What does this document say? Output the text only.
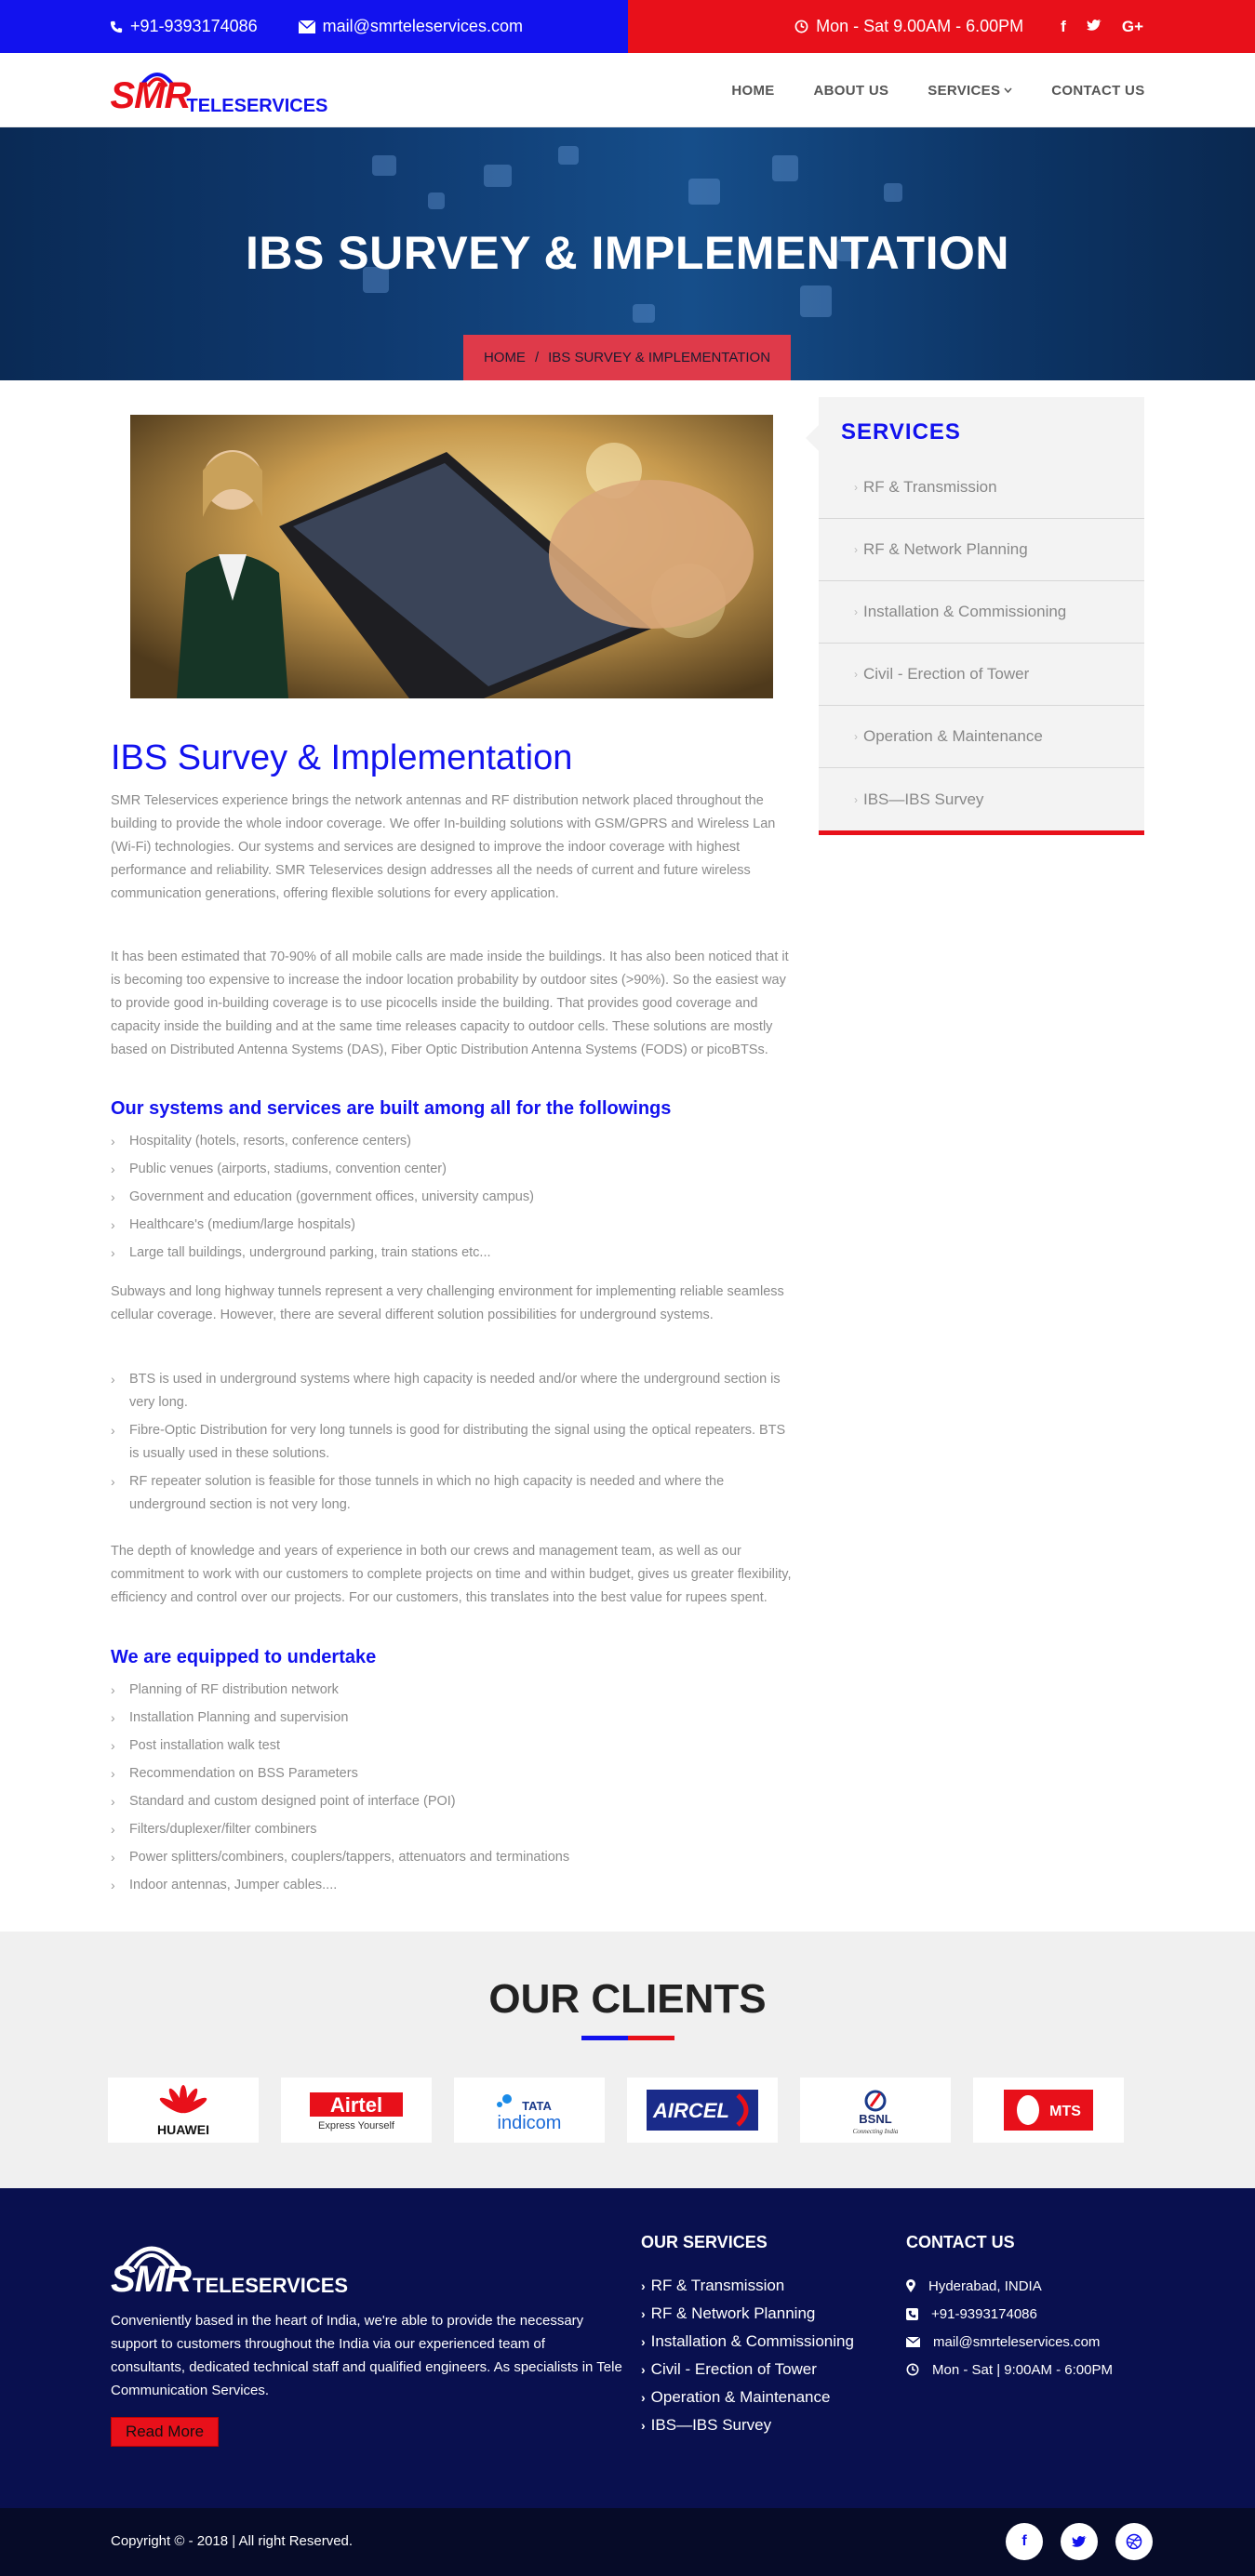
+91-9393174086	mail@smrteleservices.com	Mon - Sat 9.00AM - 6.00PM f	G+
SMR
TELESERVICES
HOME	ABOUT US	SERVICES	CONTACT US
IBS SURVEY & IMPLEMENTATION
HOME / IBS SURVEY & IMPLEMENTATION
IBS Survey & Implementation

SMR Teleservices experience brings the network antennas and RF distribution network placed throughout the building to provide the whole indoor coverage. We offer In-building solutions with GSM/GPRS and Wireless Lan (Wi-Fi) technologies. Our systems and services are designed to improve the indoor coverage with highest performance and reliability. SMR Teleservices design addresses all the needs of current and future wireless communication generations, offering flexible solutions for every application.

It has been estimated that 70-90% of all mobile calls are made inside the buildings. It has also been noticed that it is becoming too expensive to increase the indoor location probability by outdoor sites (>90%). So the easiest way to provide good in-building coverage is to use picocells inside the building. That provides good coverage and capacity inside the building and at the same time releases capacity to outdoor cells. These solutions are mostly based on Distributed Antenna Systems (DAS), Fiber Optic Distribution Antenna Systems (FODS) or picoBTSs.

Our systems and services are built among all for the followings
›	Hospitality (hotels, resorts, conference centers)
›	Public venues (airports, stadiums, convention center)
›	Government and education (government offices, university campus)
›	Healthcare's (medium/large hospitals)
›	Large tall buildings, underground parking, train stations etc...

Subways and long highway tunnels represent a very challenging environment for implementing reliable seamless cellular coverage. However, there are several different solution possibilities for underground systems.

›	BTS is used in underground systems where high capacity is needed and/or where the underground section is very long.
›	Fibre-Optic Distribution for very long tunnels is good for distributing the signal using the optical repeaters. BTS is usually used in these solutions.
›	RF repeater solution is feasible for those tunnels in which no high capacity is needed and where the underground section is not very long.

The depth of knowledge and years of experience in both our crews and management team, as well as our commitment to work with our customers to complete projects on time and within budget, gives us greater flexibility, efficiency and control over our projects. For our customers, this translates into the best value for rupees spent.

We are equipped to undertake
›	Planning of RF distribution network
›	Installation Planning and supervision
›	Post installation walk test
›	Recommendation on BSS Parameters
›	Standard and custom designed point of interface (POI)
›	Filters/duplexer/filter combiners
›	Power splitters/combiners, couplers/tappers, attenuators and terminations
›	Indoor antennas, Jumper cables....
SERVICES
› RF & Transmission
› RF & Network Planning
› Installation & Commissioning
› Civil - Erection of Tower
› Operation & Maintenance
› IBS—IBS Survey
OUR CLIENTS
HUAWEI
Airtel
Express Yourself
TATA
indicom
AIRCEL	BSNL
Connecting India
MTS
SMR TELESERVICES

Conveniently based in the heart of India, we're able to provide the necessary support to customers throughout the India via our experienced team of consultants, dedicated technical staff and qualified engineers. As specialists in Tele Communication Services.

Read More
OUR SERVICES
› RF & Transmission
› RF & Network Planning
› Installation & Commissioning
› Civil - Erection of Tower
› Operation & Maintenance
› IBS—IBS Survey
CONTACT US
Hyderabad, INDIA
+91-9393174086
mail@smrteleservices.com
Mon - Sat | 9:00AM - 6:00PM
Copyright © - 2018 | All right Reserved.	f
